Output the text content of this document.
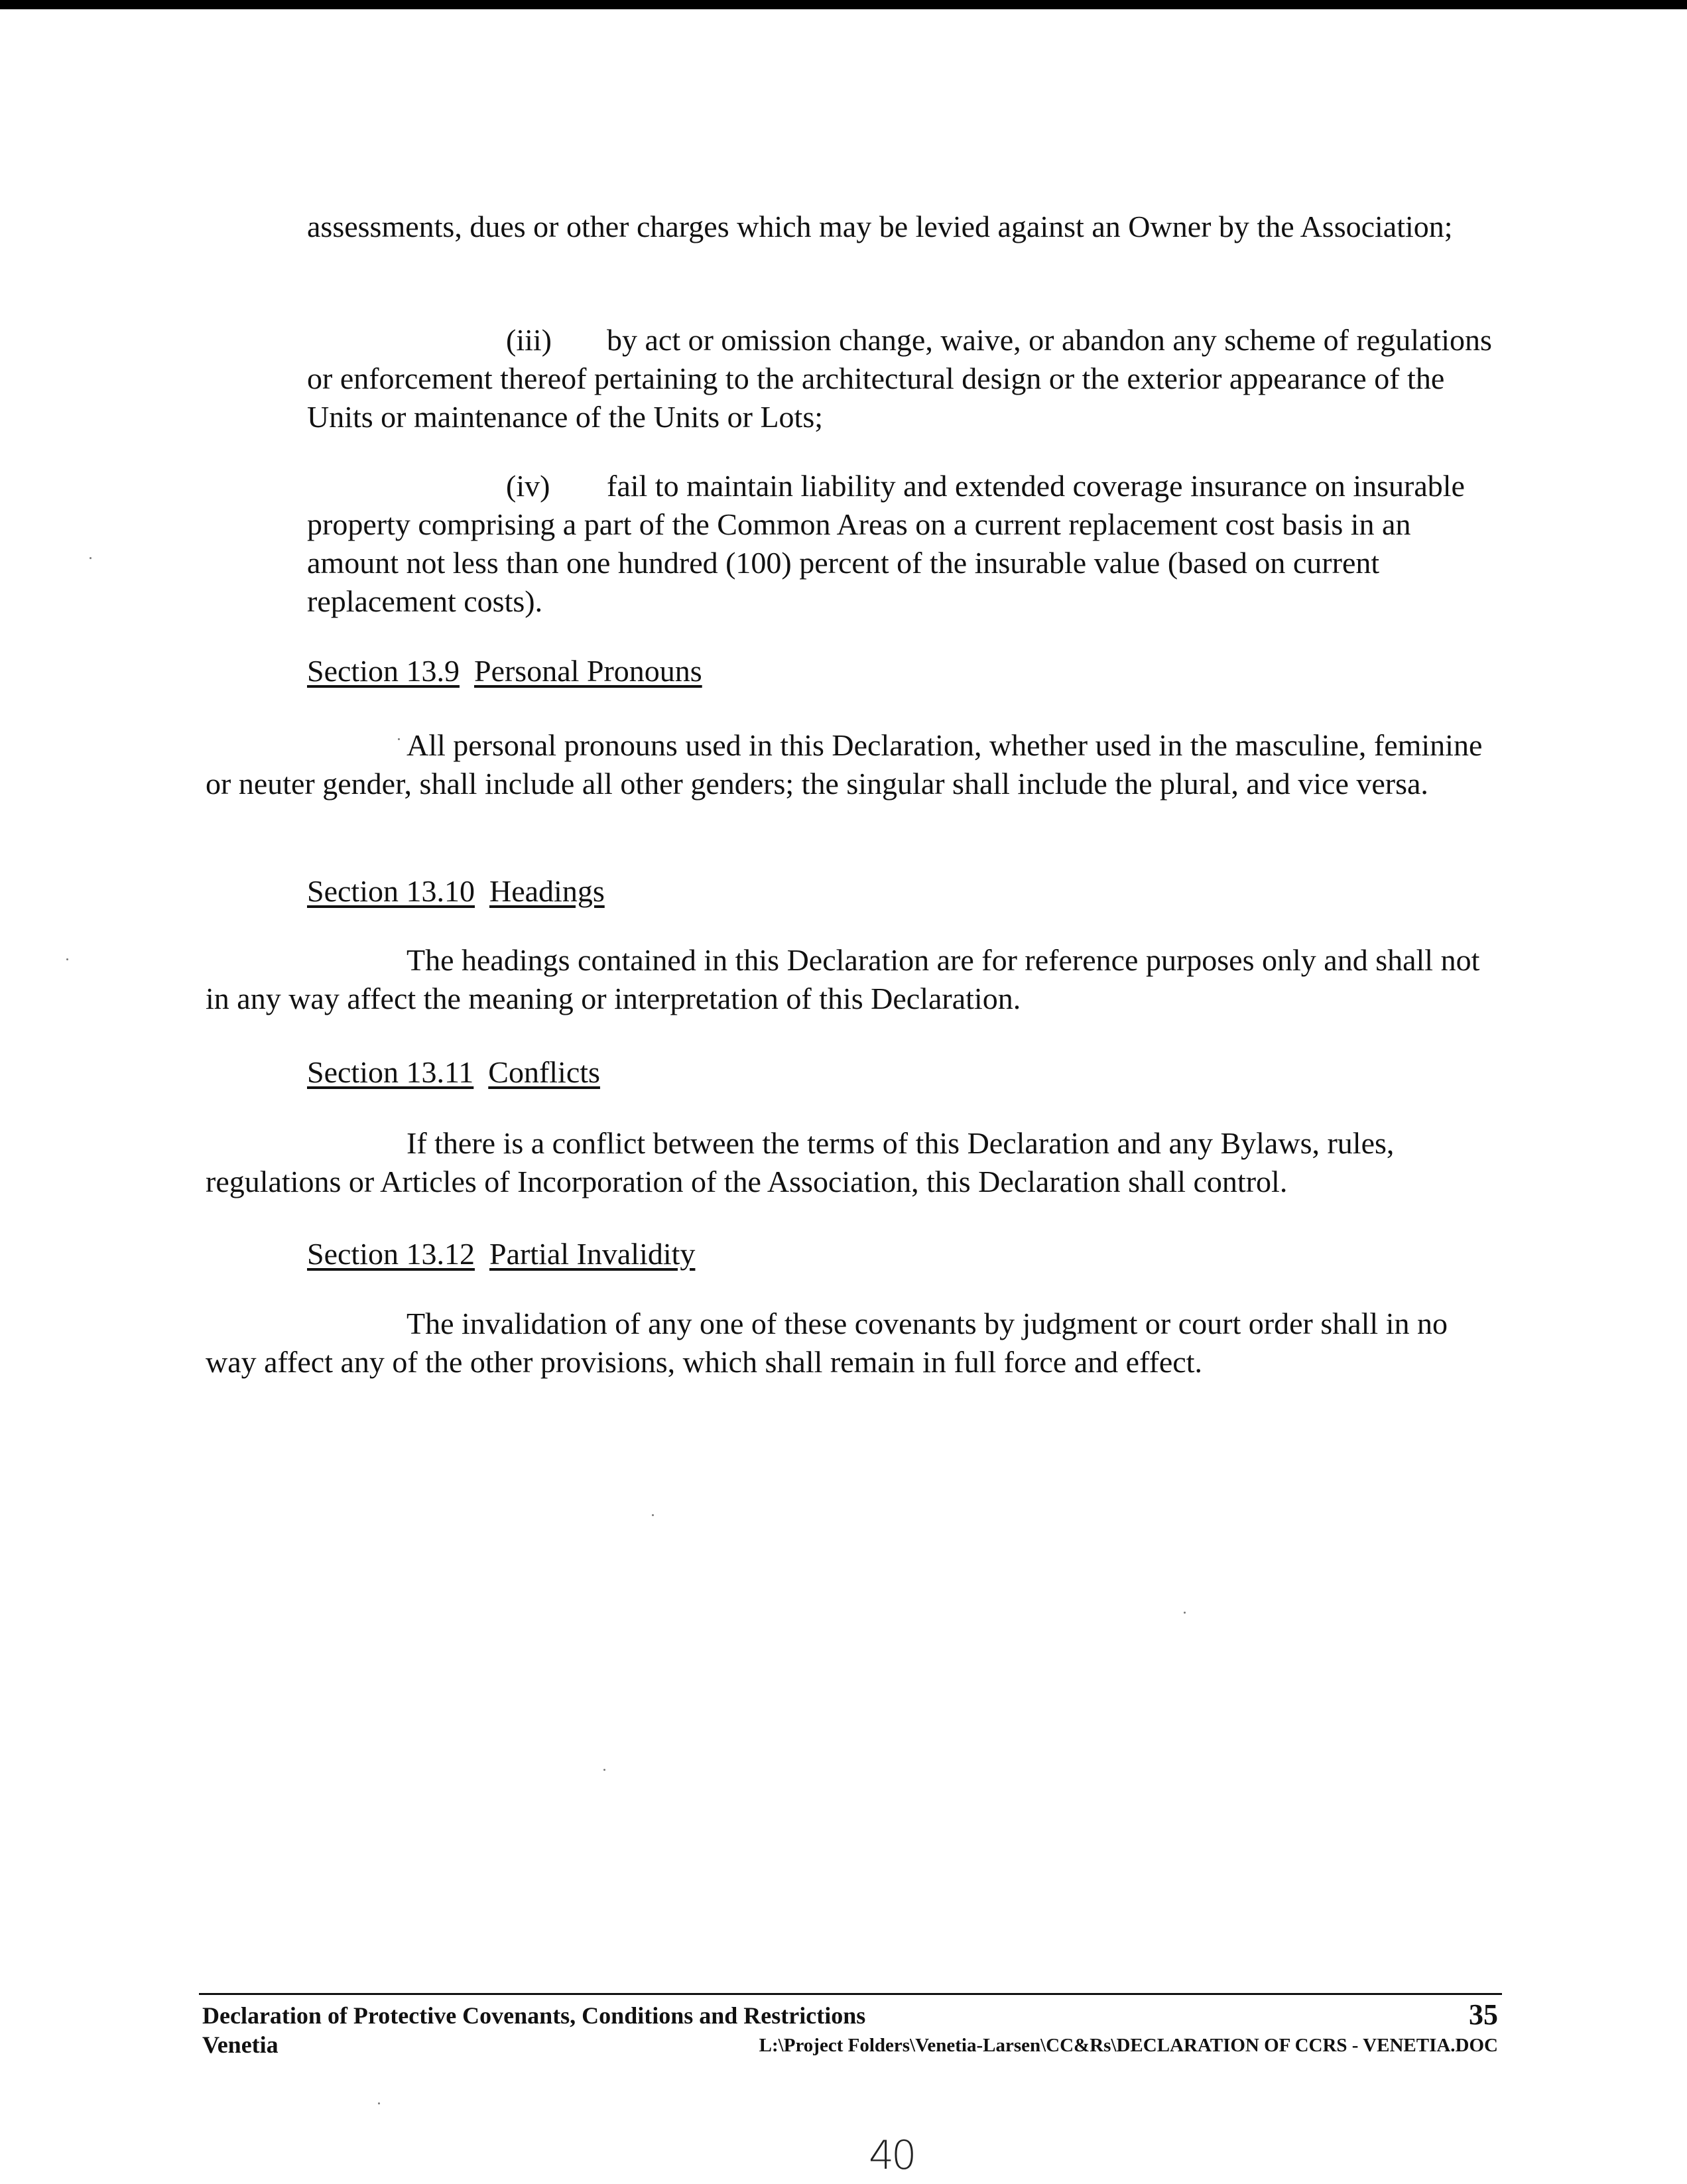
assessments, dues or other charges which may be levied against an Owner by the Association;

(iii) by act or omission change, waive, or abandon any scheme of regulations or enforcement thereof pertaining to the architectural design or the exterior appearance of the Units or maintenance of the Units or Lots;

(iv) fail to maintain liability and extended coverage insurance on insurable property comprising a part of the Common Areas on a current replacement cost basis in an amount not less than one hundred (100) percent of the insurable value (based on current replacement costs).

Section 13.9 Personal Pronouns

All personal pronouns used in this Declaration, whether used in the masculine, feminine or neuter gender, shall include all other genders; the singular shall include the plural, and vice versa.

Section 13.10 Headings

The headings contained in this Declaration are for reference purposes only and shall not in any way affect the meaning or interpretation of this Declaration.

Section 13.11 Conflicts

If there is a conflict between the terms of this Declaration and any Bylaws, rules, regulations or Articles of Incorporation of the Association, this Declaration shall control.

Section 13.12 Partial Invalidity

The invalidation of any one of these covenants by judgment or court order shall in no way affect any of the other provisions, which shall remain in full force and effect.

Declaration of Protective Covenants, Conditions and Restrictions	35
Venetia	L:\Project Folders\Venetia-Larsen\CC&Rs\DECLARATION OF CCRS - VENETIA.DOC
40
